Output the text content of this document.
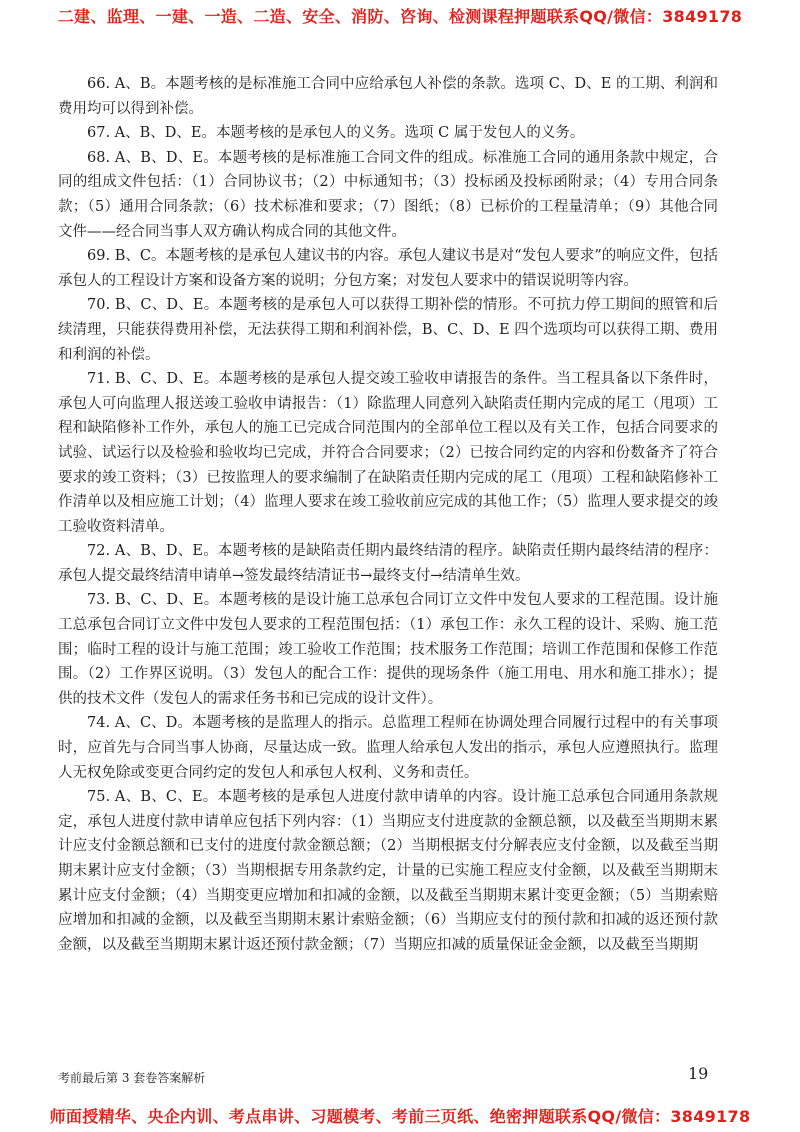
二建、监理、一建、一造、二造、安全、消防、咨询、检测课程押题联系QQ/微信：3849178

66. A、B。本题考核的是标准施工合同中应给承包人补偿的条款。选项 C、D、E 的工期、利润和费用均可以得到补偿。

67. A、B、D、E。本题考核的是承包人的义务。选项 C 属于发包人的义务。

68. A、B、D、E。本题考核的是标准施工合同文件的组成。标准施工合同的通用条款中规定，合同的组成文件包括：（1）合同协议书；（2）中标通知书；（3）投标函及投标函附录；（4）专用合同条款；（5）通用合同条款；（6）技术标准和要求；（7）图纸；（8）已标价的工程量清单；（9）其他合同文件——经合同当事人双方确认构成合同的其他文件。

69. B、C。本题考核的是承包人建议书的内容。承包人建议书是对“发包人要求”的响应文件，包括承包人的工程设计方案和设备方案的说明；分包方案；对发包人要求中的错误说明等内容。

70. B、C、D、E。本题考核的是承包人可以获得工期补偿的情形。不可抗力停工期间的照管和后续清理，只能获得费用补偿，无法获得工期和利润补偿，B、C、D、E 四个选项均可以获得工期、费用和利润的补偿。

71. B、C、D、E。本题考核的是承包人提交竣工验收申请报告的条件。当工程具备以下条件时，承包人可向监理人报送竣工验收申请报告：（1）除监理人同意列入缺陷责任期内完成的尾工（甩项）工程和缺陷修补工作外，承包人的施工已完成合同范围内的全部单位工程以及有关工作，包括合同要求的试验、试运行以及检验和验收均已完成，并符合合同要求；（2）已按合同约定的内容和份数备齐了符合要求的竣工资料；（3）已按监理人的要求编制了在缺陷责任期内完成的尾工（甩项）工程和缺陷修补工作清单以及相应施工计划；（4）监理人要求在竣工验收前应完成的其他工作；（5）监理人要求提交的竣工验收资料清单。

72. A、B、D、E。本题考核的是缺陷责任期内最终结清的程序。缺陷责任期内最终结清的程序：承包人提交最终结清申请单→签发最终结清证书→最终支付→结清单生效。

73. B、C、D、E。本题考核的是设计施工总承包合同订立文件中发包人要求的工程范围。设计施工总承包合同订立文件中发包人要求的工程范围包括：（1）承包工作：永久工程的设计、采购、施工范围；临时工程的设计与施工范围；竣工验收工作范围；技术服务工作范围；培训工作范围和保修工作范围。（2）工作界区说明。（3）发包人的配合工作：提供的现场条件（施工用电、用水和施工排水）；提供的技术文件（发包人的需求任务书和已完成的设计文件）。

74. A、C、D。本题考核的是监理人的指示。总监理工程师在协调处理合同履行过程中的有关事项时，应首先与合同当事人协商，尽量达成一致。监理人给承包人发出的指示，承包人应遵照执行。监理人无权免除或变更合同约定的发包人和承包人权利、义务和责任。

75. A、B、C、E。本题考核的是承包人进度付款申请单的内容。设计施工总承包合同通用条款规定，承包人进度付款申请单应包括下列内容：（1）当期应支付进度款的金额总额，以及截至当期期末累计应支付金额总额和已支付的进度付款金额总额；（2）当期根据支付分解表应支付金额，以及截至当期期末累计应支付金额；（3）当期根据专用条款约定，计量的已实施工程应支付金额，以及截至当期期末累计应支付金额；（4）当期变更应增加和扣减的金额，以及截至当期期末累计变更金额；（5）当期索赔应增加和扣减的金额，以及截至当期期末累计索赔金额；（6）当期应支付的预付款和扣减的返还预付款金额，以及截至当期期末累计返还预付款金额；（7）当期应扣减的质量保证金金额，以及截至当期期

考前最后第 3 套卷答案解析	19
师面授精华、央企内训、考点串讲、习题模考、考前三页纸、绝密押题联系QQ/微信：3849178
